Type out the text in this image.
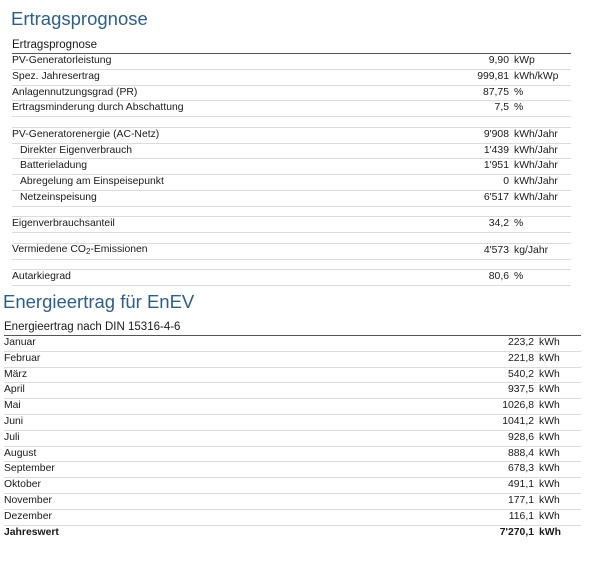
Ertragsprognose
Ertragsprognose
PV-Generatorleistung	9,90 kWp
Spez. Jahresertrag	999,81 kWh/kWp
Anlagennutzungsgrad (PR)	87,75 %
Ertragsminderung durch Abschattung	7,5 %
PV-Generatorenergie (AC-Netz)	9'908 kWh/Jahr
Direkter Eigenverbrauch	1'439 kWh/Jahr
Batterieladung	1'951 kWh/Jahr
Abregelung am Einspeisepunkt	0 kWh/Jahr
Netzeinspeisung	6'517 kWh/Jahr
Eigenverbrauchsanteil	34,2 %
Vermiedene CO2-Emissionen	4'573 kg/Jahr
Autarkiegrad	80,6 %
Energieertrag für EnEV
Energieertrag nach DIN 15316-4-6
Januar	223,2 kWh
Februar	221,8 kWh
März	540,2 kWh
April	937,5 kWh
Mai	1026,8 kWh
Juni	1041,2 kWh
Juli	928,6 kWh
August	888,4 kWh
September	678,3 kWh
Oktober	491,1 kWh
November	177,1 kWh
Dezember	116,1 kWh
Jahreswert	7'270,1 kWh
